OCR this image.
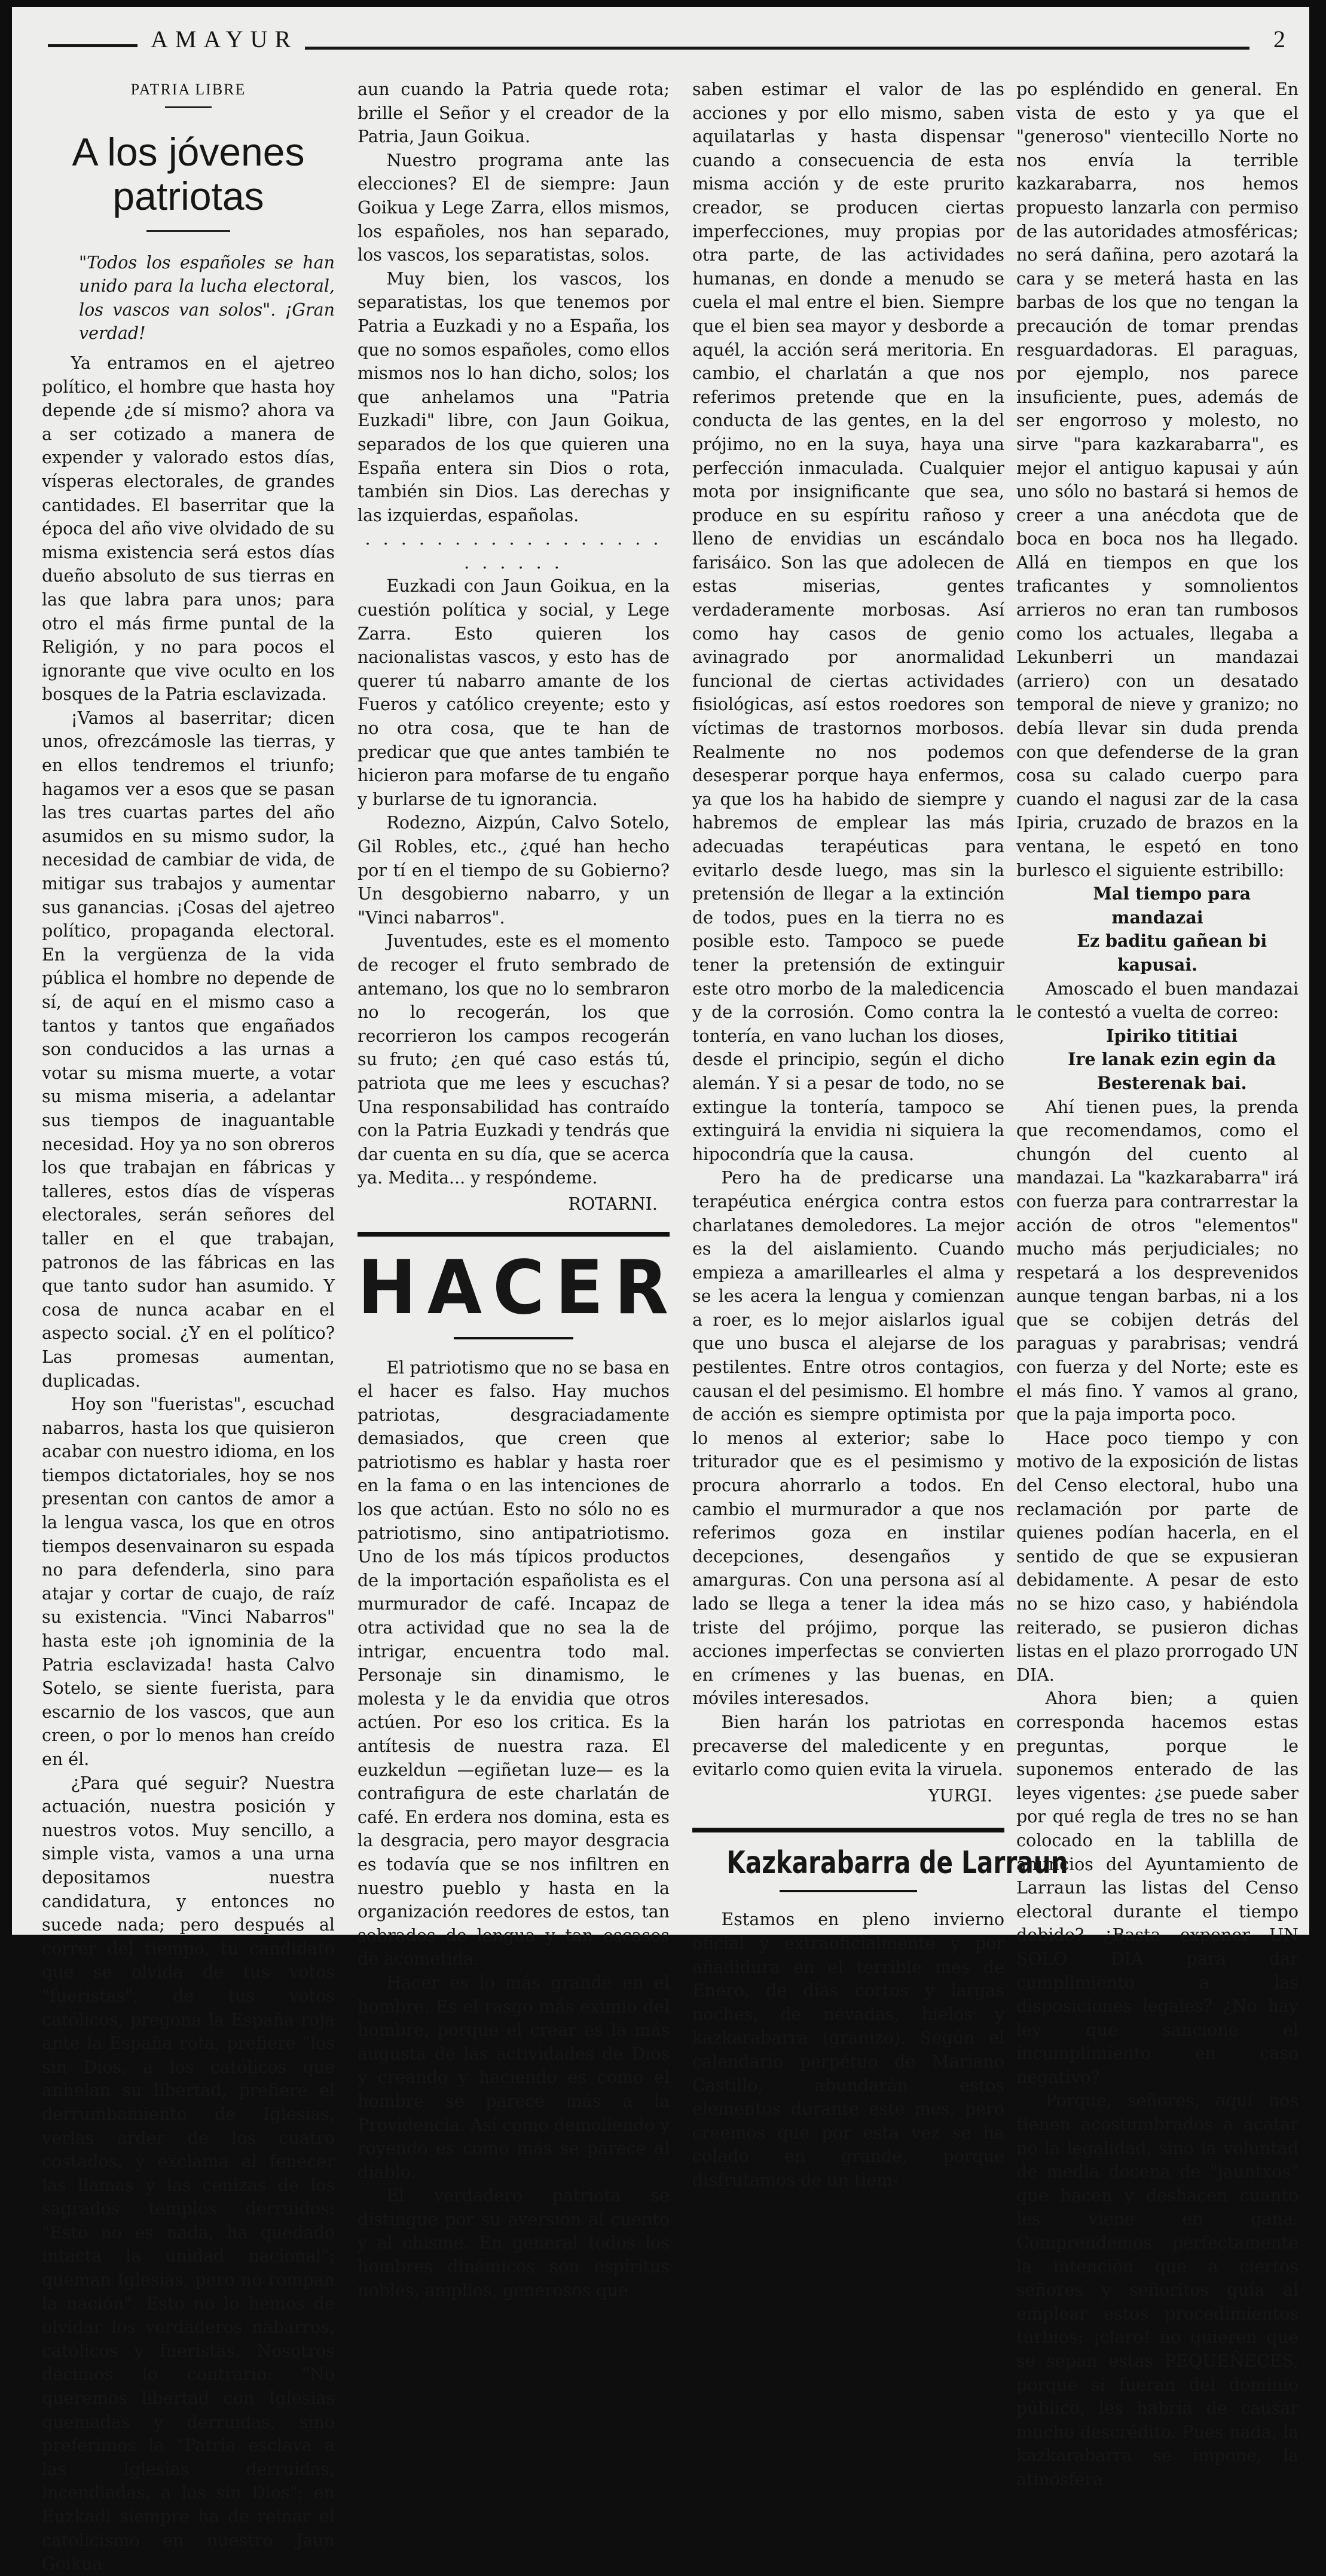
AMAYUR	2
PATRIA LIBRE
A los jóvenes patriotas
"Todos los españoles se han unido para la lucha electoral, los vascos van solos". ¡Gran verdad!

Ya entramos en el ajetreo político, el hombre que hasta hoy depende ¿de sí mismo? ahora va a ser cotizado a manera de expender y valorado estos días, vísperas electorales, de grandes cantidades. El baserritar que la época del año vive olvidado de su misma existencia será estos días dueño absoluto de sus tierras en las que labra para unos; para otro el más firme puntal de la Religión, y no para pocos el ignorante que vive oculto en los bosques de la Patria esclavizada.

¡Vamos al baserritar; dicen unos, ofrezcámosle las tierras, y en ellos tendremos el triunfo; hagamos ver a esos que se pasan las tres cuartas partes del año asumidos en su mismo sudor, la necesidad de cambiar de vida, de mitigar sus trabajos y aumentar sus ganancias. ¡Cosas del ajetreo político, propaganda electoral. En la vergüenza de la vida pública el hombre no depende de sí, de aquí en el mismo caso a tantos y tantos que engañados son conducidos a las urnas a votar su misma muerte, a votar su misma miseria, a adelantar sus tiempos de inaguantable necesidad. Hoy ya no son obreros los que trabajan en fábricas y talleres, estos días de vísperas electorales, serán señores del taller en el que trabajan, patronos de las fábricas en las que tanto sudor han asumido. Y cosa de nunca acabar en el aspecto social. ¿Y en el político? Las promesas aumentan, duplicadas.

Hoy son "fueristas", escuchad nabarros, hasta los que quisieron acabar con nuestro idioma, en los tiempos dictatoriales, hoy se nos presentan con cantos de amor a la lengua vasca, los que en otros tiempos desenvainaron su espada no para defenderla, sino para atajar y cortar de cuajo, de raíz su existencia. "Vinci Nabarros" hasta este ¡oh ignominia de la Patria esclavizada! hasta Calvo Sotelo, se siente fuerista, para escarnio de los vascos, que aun creen, o por lo menos han creído en él.

¿Para qué seguir? Nuestra actuación, nuestra posición y nuestros votos. Muy sencillo, a simple vista, vamos a una urna depositamos nuestra candidatura, y entonces no sucede nada; pero después al correr del tiempo, tu candidato que se olvida de tus votos "fueristas", de tus votos católicos, pregona la España roja ante la España rota, prefiere "los sin Dios, a los católicos que anhelan su libertad, prefiere el derrumbamiento de Iglesias, verlas arder de los cuatro costados, y exclama al fenecer las llamas y las cenizas de los sagrados templos derruidos: "Esto no es nada, ha quedado intacta la unidad nacional"; queman Iglesias, pero no rompan la nación". Esto no lo hemos de olvidar los verdaderos nabarros, católicos y fueristas. Nosotros decimos lo contrario: "No queremos libertad con Iglesias quemadas y derruidas, sino preferimos la "Patria esclava a las Iglesias derruidas, incendiadas, a los sin Dios"; en Euzkadi siempre ha de reinar el catolicismo en nuestro Jaun Goikua

aun cuando la Patria quede rota; brille el Señor y el creador de la Patria, Jaun Goikua.

Nuestro programa ante las elecciones? El de siempre: Jaun Goikua y Lege Zarra, ellos mismos, los españoles, nos han separado, los vascos, los separatistas, solos.

Muy bien, los vascos, los separatistas, los que tenemos por Patria a Euzkadi y no a España, los que no somos españoles, como ellos mismos nos lo han dicho, solos; los que anhelamos una "Patria Euzkadi" libre, con Jaun Goikua, separados de los que quieren una España entera sin Dios o rota, también sin Dios. Las derechas y las izquierdas, españolas.

. . . . . . . . . . . . . . . . . . . . . . .

Euzkadi con Jaun Goikua, en la cuestión política y social, y Lege Zarra. Esto quieren los nacionalistas vascos, y esto has de querer tú nabarro amante de los Fueros y católico creyente; esto y no otra cosa, que te han de predicar que que antes también te hicieron para mofarse de tu engaño y burlarse de tu ignorancia.

Rodezno, Aizpún, Calvo Sotelo, Gil Robles, etc., ¿qué han hecho por tí en el tiempo de su Gobierno? Un desgobierno nabarro, y un "Vinci nabarros".

Juventudes, este es el momento de recoger el fruto sembrado de antemano, los que no lo sembraron no lo recogerán, los que recorrieron los campos recogerán su fruto; ¿en qué caso estás tú, patriota que me lees y escuchas? Una responsabilidad has contraído con la Patria Euzkadi y tendrás que dar cuenta en su día, que se acerca ya. Medita... y respóndeme.

ROTARNI.
HACER

El patriotismo que no se basa en el hacer es falso. Hay muchos patriotas, desgraciadamente demasiados, que creen que patriotismo es hablar y hasta roer en la fama o en las intenciones de los que actúan. Esto no sólo no es patriotismo, sino antipatriotismo. Uno de los más típicos productos de la importación españolista es el murmurador de café. Incapaz de otra actividad que no sea la de intrigar, encuentra todo mal. Personaje sin dinamismo, le molesta y le da envidia que otros actúen. Por eso los critica. Es la antítesis de nuestra raza. El euzkeldun —egiñetan luze— es la contrafigura de este charlatán de café. En erdera nos domina, esta es la desgracia, pero mayor desgracia es todavía que se nos infiltren en nuestro pueblo y hasta en la organización reedores de estos, tan sobrados de lengua y tan escasos de acometida.

Hacer es lo más grande en el hombre. Es el rasgo más eximio del hombre, porque el crear es la más augusta de las actividades de Dios y creando y haciendo es como el hombre se parece más a la Providencia. Así como demoliendo y royendo es como más se parece al diablo.

El verdadero patriota se distingue por su aversión al cuento y al chisme. En general todos los hombres dinámicos son espíritus nobles, amplios, generosos que

saben estimar el valor de las acciones y por ello mismo, saben aquilatarlas y hasta dispensar cuando a consecuencia de esta misma acción y de este prurito creador, se producen ciertas imperfecciones, muy propias por otra parte, de las actividades humanas, en donde a menudo se cuela el mal entre el bien. Siempre que el bien sea mayor y desborde a aquél, la acción será meritoria. En cambio, el charlatán a que nos referimos pretende que en la conducta de las gentes, en la del prójimo, no en la suya, haya una perfección inmaculada. Cualquier mota por insignificante que sea, produce en su espíritu rañoso y lleno de envidias un escándalo farisáico. Son las que adolecen de estas miserias, gentes verdaderamente morbosas. Así como hay casos de genio avinagrado por anormalidad funcional de ciertas actividades fisiológicas, así estos roedores son víctimas de trastornos morbosos. Realmente no nos podemos desesperar porque haya enfermos, ya que los ha habido de siempre y habremos de emplear las más adecuadas terapéuticas para evitarlo desde luego, mas sin la pretensión de llegar a la extinción de todos, pues en la tierra no es posible esto. Tampoco se puede tener la pretensión de extinguir este otro morbo de la maledicencia y de la corrosión. Como contra la tontería, en vano luchan los dioses, desde el principio, según el dicho alemán. Y si a pesar de todo, no se extingue la tontería, tampoco se extinguirá la envidia ni siquiera la hipocondría que la causa.

Pero ha de predicarse una terapéutica enérgica contra estos charlatanes demoledores. La mejor es la del aislamiento. Cuando empieza a amarillearles el alma y se les acera la lengua y comienzan a roer, es lo mejor aislarlos igual que uno busca el alejarse de los pestilentes. Entre otros contagios, causan el del pesimismo. El hombre de acción es siempre optimista por lo menos al exterior; sabe lo triturador que es el pesimismo y procura ahorrarlo a todos. En cambio el murmurador a que nos referimos goza en instilar decepciones, desengaños y amarguras. Con una persona así al lado se llega a tener la idea más triste del prójimo, porque las acciones imperfectas se convierten en crímenes y las buenas, en móviles interesados.

Bien harán los patriotas en precaverse del maledicente y en evitarlo como quien evita la viruela.

YURGI.
Kazkarabarra de Larraun

Estamos en pleno invierno oficial y extraoficialmente y por añadidura en el terrible mes de Enero, de días cortos y largas noches, de nevadas, hielos y kazkarabarra (granizo). Según el calendario perpétuo de Mariano Castillo, abundarán estos elementos durante este mes, pero creemos que por esta vez se ha colado en grande, porque disfrutamos de un tiem-

po espléndido en general. En vista de esto y ya que el "generoso" vientecillo Norte no nos envía la terrible kazkarabarra, nos hemos propuesto lanzarla con permiso de las autoridades atmosféricas; no será dañina, pero azotará la cara y se meterá hasta en las barbas de los que no tengan la precaución de tomar prendas resguardadoras. El paraguas, por ejemplo, nos parece insuficiente, pues, además de ser engorroso y molesto, no sirve "para kazkarabarra", es mejor el antiguo kapusai y aún uno sólo no bastará si hemos de creer a una anécdota que de boca en boca nos ha llegado. Allá en tiempos en que los traficantes y somnolientos arrieros no eran tan rumbosos como los actuales, llegaba a Lekunberri un mandazai (arriero) con un desatado temporal de nieve y granizo; no debía llevar sin duda prenda con que defenderse de la gran cosa su calado cuerpo para cuando el nagusi zar de la casa Ipiria, cruzado de brazos en la ventana, le espetó en tono burlesco el siguiente estribillo:

Mal tiempo para mandazai

Ez baditu gañean bi kapusai.

Amoscado el buen mandazai le contestó a vuelta de correo:

Ipiriko tititiai

Ire lanak ezin egin da

Besterenak bai.

Ahí tienen pues, la prenda que recomendamos, como el chungón del cuento al mandazai. La "kazkarabarra" irá con fuerza para contrarrestar la acción de otros "elementos" mucho más perjudiciales; no respetará a los desprevenidos aunque tengan barbas, ni a los que se cobijen detrás del paraguas y parabrisas; vendrá con fuerza y del Norte; este es el más fino. Y vamos al grano, que la paja importa poco.

Hace poco tiempo y con motivo de la exposición de listas del Censo electoral, hubo una reclamación por parte de quienes podían hacerla, en el sentido de que se expusieran debidamente. A pesar de esto no se hizo caso, y habiéndola reiterado, se pusieron dichas listas en el plazo prorrogado UN DIA.

Ahora bien; a quien corresponda hacemos estas preguntas, porque le suponemos enterado de las leyes vigentes: ¿se puede saber por qué regla de tres no se han colocado en la tablilla de anuncios del Ayuntamiento de Larraun las listas del Censo electoral durante el tiempo debido? ¿Basta exponer UN SOLO DIA para dar cumplimiento a las disposiciones legales? ¿No hay ley que sancione el incumplimiento en caso negativo?

Porque, señores, aquí nos tienen acostumbrados a acatar no la legalidad, sino la voluntad de media docena de "jauntxos" que hacen y deshacen cuanto les viene en gana. Comprendemos perfectamente la intención que a ciertos señores y señoritos guía al emplear estos procedimientos turbios; ¡claro! no quieren que se sepan estas PEQUEÑECES, porque si fueran del dominio público, les habría de causar mucho descrédito. Pues nada, la kazkarabarra se impone, la atmósfera
